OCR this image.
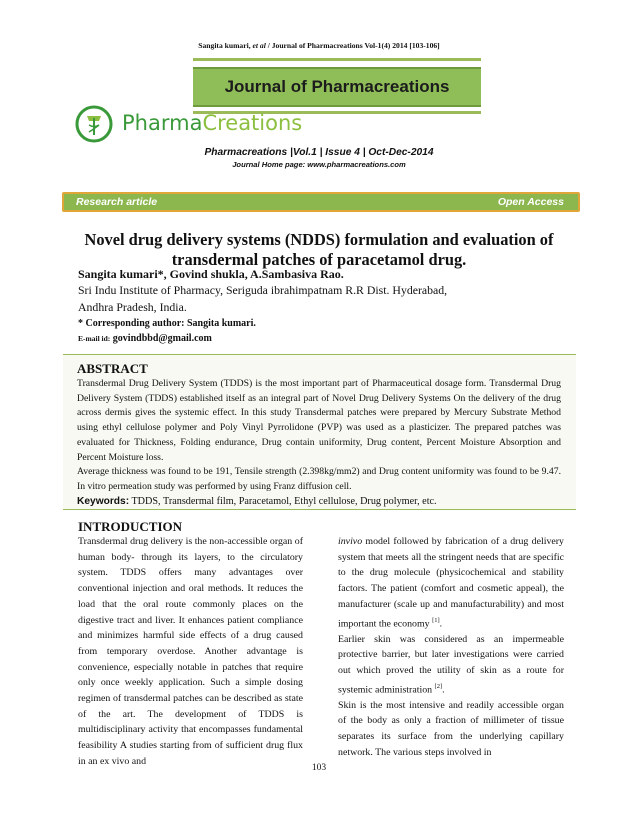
Sangita kumari, et al / Journal of Pharmacreations Vol-1(4) 2014 [103-106]
Journal of Pharmacreations
PharmaCreations
Pharmacreations |Vol.1 | Issue 4 | Oct-Dec-2014
Journal Home page: www.pharmacreations.com
Research article	Open Access
Novel drug delivery systems (NDDS) formulation and evaluation of transdermal patches of paracetamol drug.
Sangita kumari*, Govind shukla, A.Sambasiva Rao.
Sri Indu Institute of Pharmacy, Seriguda ibrahimpatnam R.R Dist. Hyderabad,
Andhra Pradesh, India.
* Corresponding author: Sangita kumari.
E-mail id: govindbbd@gmail.com
ABSTRACT

Transdermal Drug Delivery System (TDDS) is the most important part of Pharmaceutical dosage form. Transdermal Drug Delivery System (TDDS) established itself as an integral part of Novel Drug Delivery Systems On the delivery of the drug across dermis gives the systemic effect. In this study Transdermal patches were prepared by Mercury Substrate Method using ethyl cellulose polymer and Poly Vinyl Pyrrolidone (PVP) was used as a plasticizer. The prepared patches was evaluated for Thickness, Folding endurance, Drug contain uniformity, Drug content, Percent Moisture Absorption and Percent Moisture loss.

Average thickness was found to be 191, Tensile strength (2.398kg/mm2) and Drug content uniformity was found to be 9.47. In vitro permeation study was performed by using Franz diffusion cell.

Keywords: TDDS, Transdermal film, Paracetamol, Ethyl cellulose, Drug polymer, etc.

INTRODUCTION

Transdermal drug delivery is the non-accessible organ of human body- through its layers, to the circulatory system. TDDS offers many advantages over conventional injection and oral methods. It reduces the load that the oral route commonly places on the digestive tract and liver. It enhances patient compliance and minimizes harmful side effects of a drug caused from temporary overdose. Another advantage is convenience, especially notable in patches that require only once weekly application. Such a simple dosing regimen of transdermal patches can be described as state of the art. The development of TDDS is multidisciplinary activity that encompasses fundamental feasibility A studies starting from of sufficient drug flux in an ex vivo and

invivo model followed by fabrication of a drug delivery system that meets all the stringent needs that are specific to the drug molecule (physicochemical and stability factors. The patient (comfort and cosmetic appeal), the manufacturer (scale up and manufacturability) and most important the economy [1].

Earlier skin was considered as an impermeable protective barrier, but later investigations were carried out which proved the utility of skin as a route for systemic administration [2].

Skin is the most intensive and readily accessible organ of the body as only a fraction of millimeter of tissue separates its surface from the underlying capillary network. The various steps involved in

103
